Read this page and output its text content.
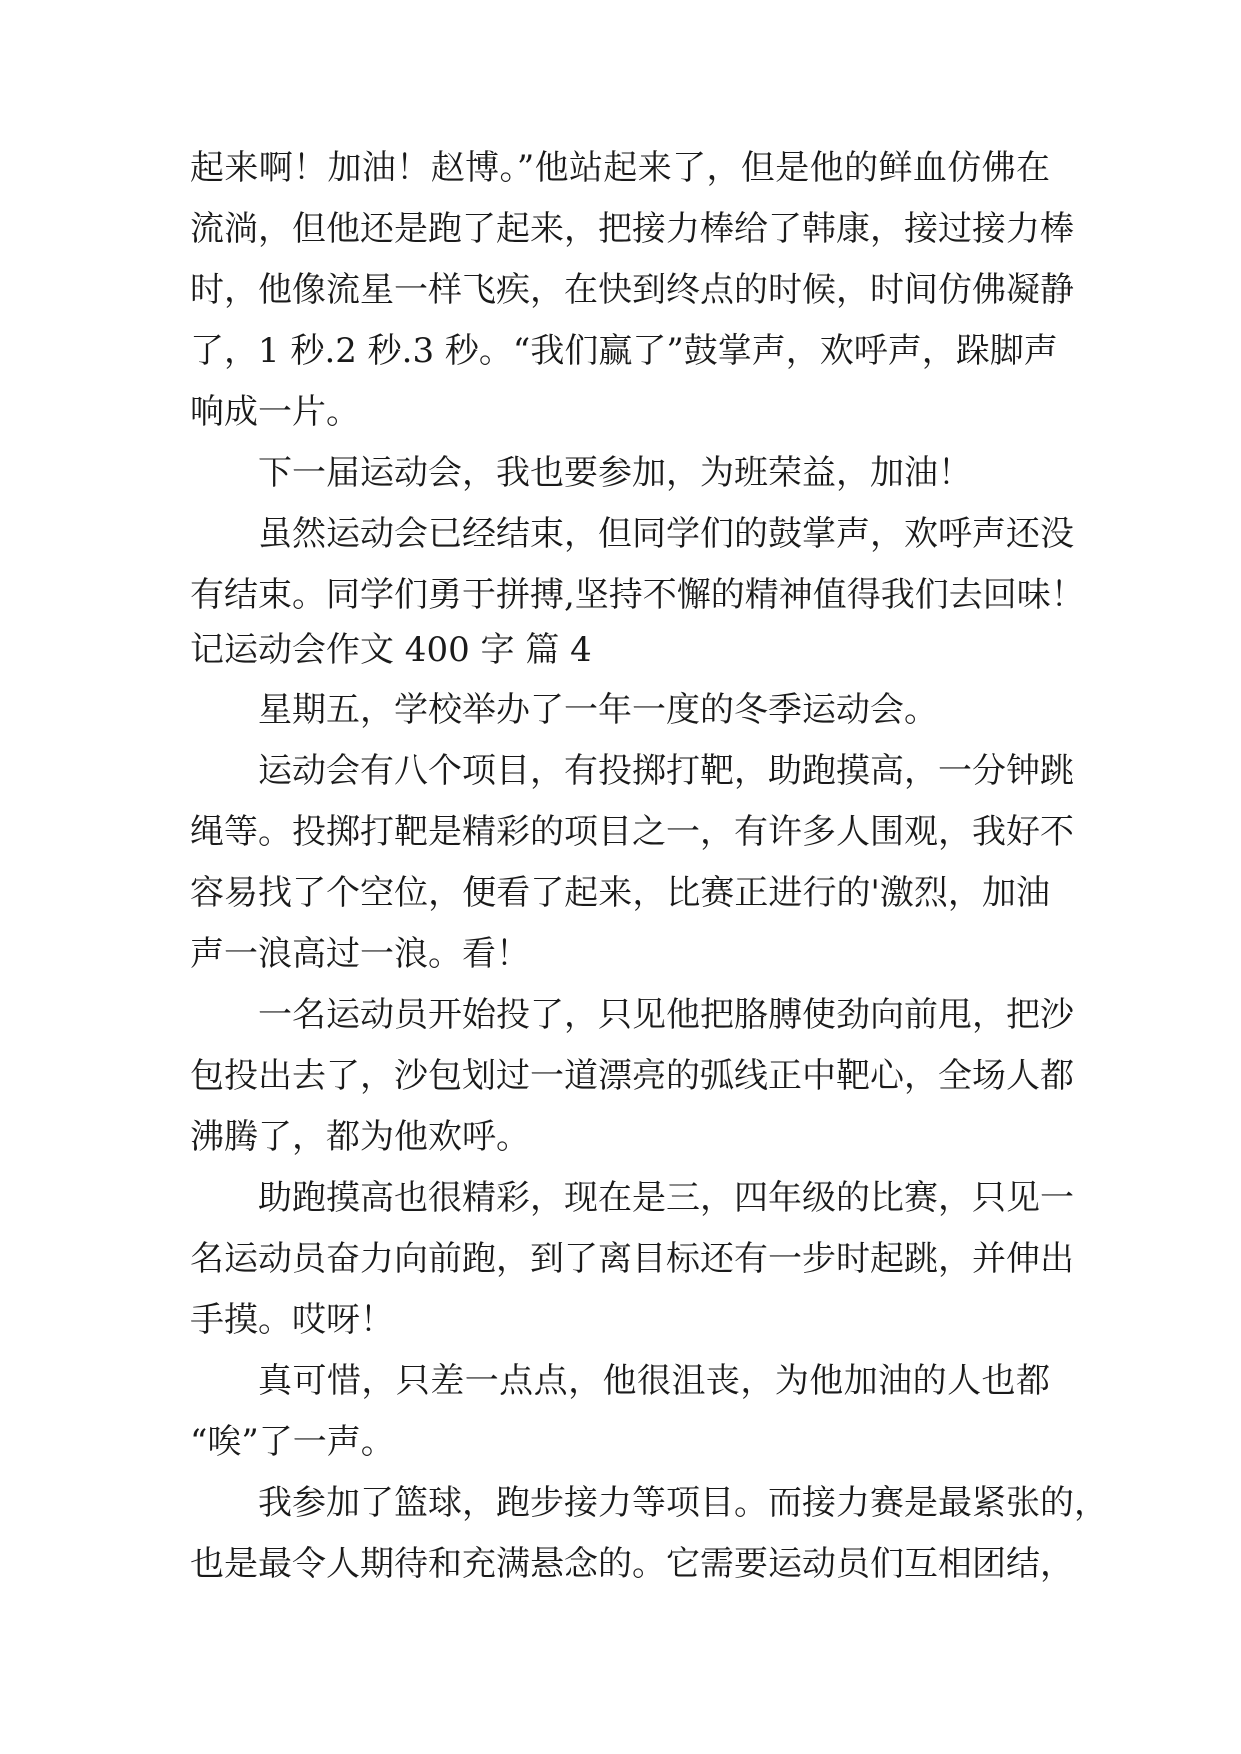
起来啊！加油！赵博。”他站起来了，但是他的鲜血仿佛在
流淌，但他还是跑了起来，把接力棒给了韩康，接过接力棒
时，他像流星一样飞疾，在快到终点的时候，时间仿佛凝静
了，1 秒.2 秒.3 秒。“我们赢了”鼓掌声，欢呼声，跺脚声
响成一片。
下一届运动会，我也要参加，为班荣益，加油！
虽然运动会已经结束，但同学们的鼓掌声，欢呼声还没
有结束。同学们勇于拼搏,坚持不懈的精神值得我们去回味！
记运动会作文 400 字 篇 4
星期五，学校举办了一年一度的冬季运动会。
运动会有八个项目，有投掷打靶，助跑摸高，一分钟跳
绳等。投掷打靶是精彩的项目之一，有许多人围观，我好不
容易找了个空位，便看了起来，比赛正进行的'激烈，加油
声一浪高过一浪。看！
一名运动员开始投了，只见他把胳膊使劲向前甩，把沙
包投出去了，沙包划过一道漂亮的弧线正中靶心，全场人都
沸腾了，都为他欢呼。
助跑摸高也很精彩，现在是三，四年级的比赛，只见一
名运动员奋力向前跑，到了离目标还有一步时起跳，并伸出
手摸。哎呀！
真可惜，只差一点点，他很沮丧，为他加油的人也都
“唉”了一声。
我参加了篮球，跑步接力等项目。而接力赛是最紧张的，
也是最令人期待和充满悬念的。它需要运动员们互相团结，
